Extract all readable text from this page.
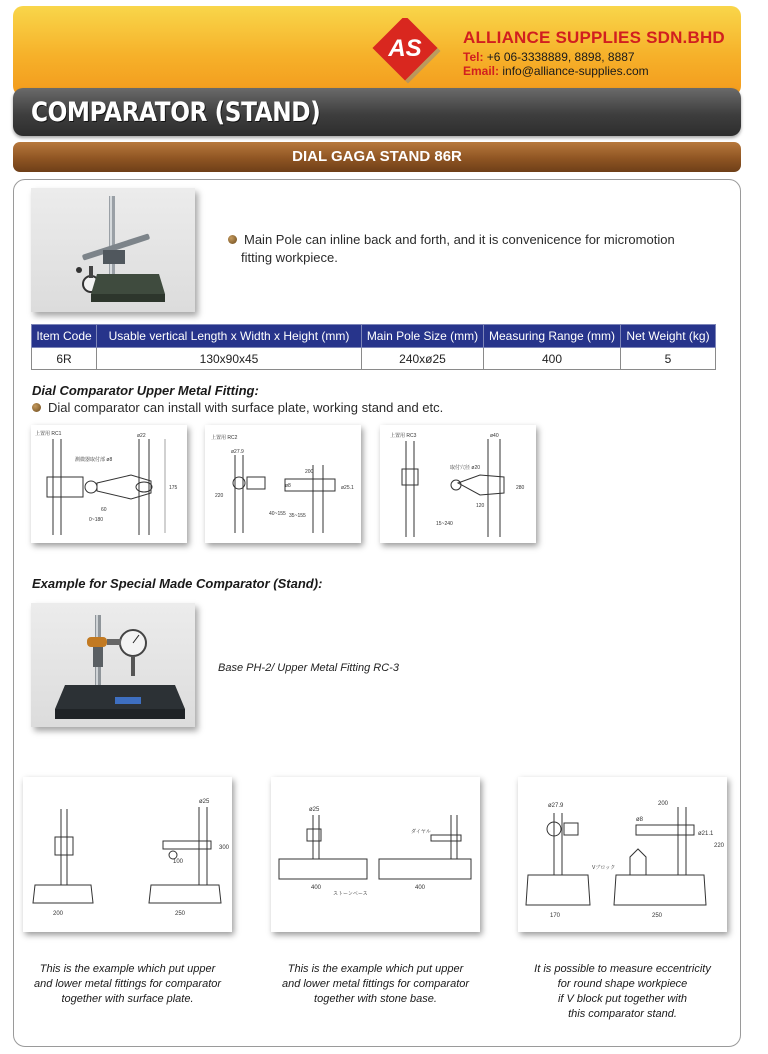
AS ALLIANCE SUPPLIES SDN.BHD
Tel: +6 06-3338889, 8898, 8887
Email: info@alliance-supplies.com
COMPARATOR (STAND)
DIAL GAGA STAND 86R
Main Pole can inline back and forth, and it is convenicence for micromotion
fitting workpiece.
Item Code	Usable vertical Length x Width x Height (mm)	Main Pole Size (mm)	Measuring Range (mm)	Net Weight (kg)
6R	130x90x45	240xø25	400	5
Dial Comparator Upper Metal Fitting:
Dial comparator can install with surface plate, working stand and etc.
上置用 RC1
測微器取付部 ø8
ø22
60
0~180
175
上置用 RC2
ø27.9
200
ø8
35~155
40~155
220
ø25.1
上置用 RC3	ø40
取付穴径 ø20
120
15~240
280
Example for Special Made Comparator (Stand):
Base PH-2/ Upper Metal Fitting RC-3
ø25
200	250
100
300
ø25
400	400
ダイヤル
ストーンベース
ø27.9	200
ø8
ø21.1
220
170	250
Vブロック
This is the example which put upper
and lower metal fittings for comparator
together with surface plate.
This is the example which put upper
and lower metal fittings for comparator
together with stone base.
It is possible to measure eccentricity
for round shape workpiece
if V block put together with
this comparator stand.
